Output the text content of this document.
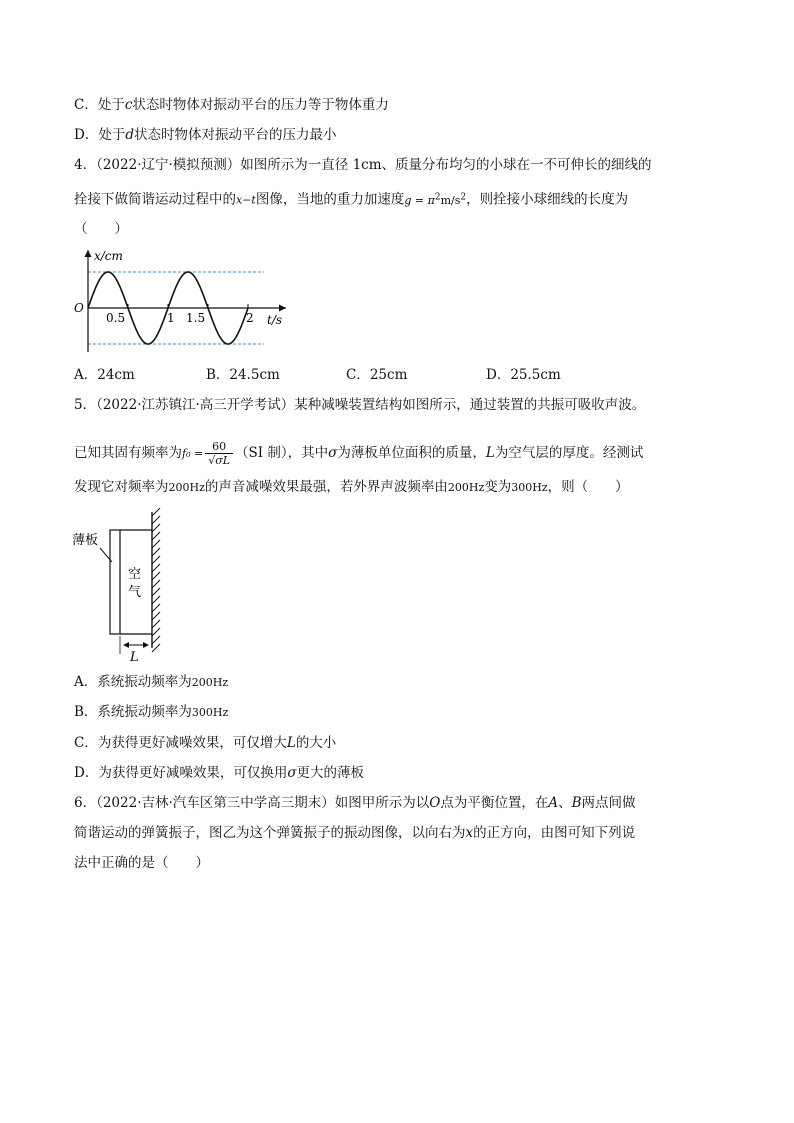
C．处于c状态时物体对振动平台的压力等于物体重力
D．处于d状态时物体对振动平台的压力最小
4．（2022·辽宁·模拟预测）如图所示为一直径 1cm、质量分布均匀的小球在一不可伸长的细线的
拴接下做简谐运动过程中的x−t图像，当地的重力加速度$g = \pi^2m/s^2$，则拴接小球细线的长度为
（　　）
x/cm
O
0.5	1 1.5	2 t/s
A．24cm	B．24.5cm	C．25cm	D．25.5cm
5．（2022·江苏镇江·高三开学考试）某种减噪装置结构如图所示，通过装置的共振可吸收声波。
已知其固有频率为$f_0 = \frac{60}{√\sigma L} (SI$ 制），其中σ为薄板单位面积的质量，L为空气层的厚度。经测试
发现它对频率为200Hz的声音减噪效果最强，若外界声波频率由200Hz变为300Hz，则（　　）
薄板
空
气
L
A．系统振动频率为200Hz
B．系统振动频率为300Hz
C．为获得更好减噪效果，可仅增大L的大小
D．为获得更好减噪效果，可仅换用σ更大的薄板
6．（2022·吉林·汽车区第三中学高三期末）如图甲所示为以O点为平衡位置，在A、B两点间做
简谐运动的弹簧振子，图乙为这个弹簧振子的振动图像，以向右为x的正方向，由图可知下列说
法中正确的是（　　）
